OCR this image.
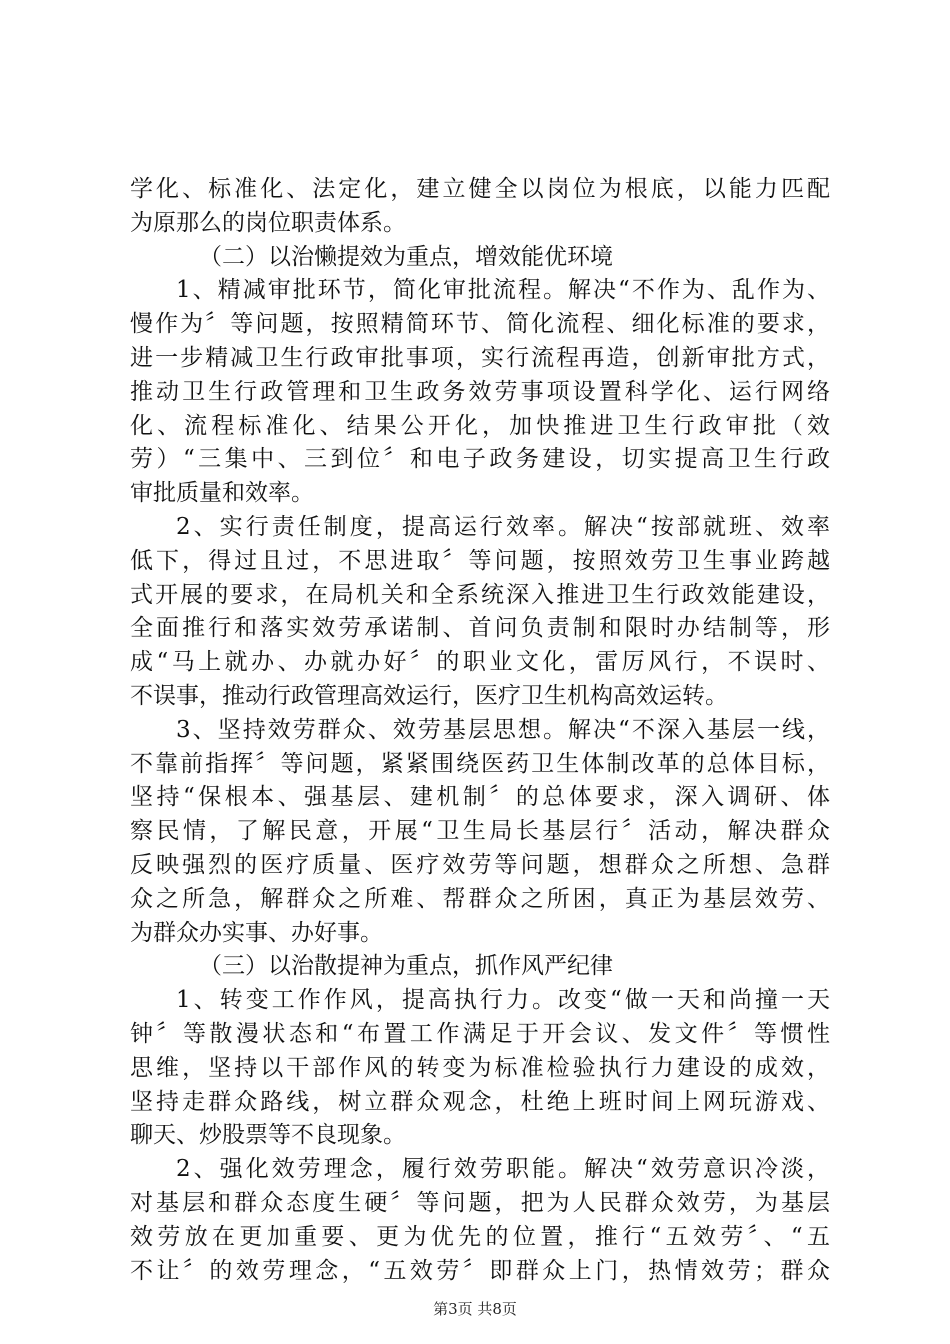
学化、标准化、法定化，建立健全以岗位为根底，以能力匹配

为原那么的岗位职责体系。

（二）以治懒提效为重点，增效能优环境

1、精减审批环节，简化审批流程。解决“不作为、乱作为、

慢作为〞等问题，按照精简环节、简化流程、细化标准的要求，

进一步精减卫生行政审批事项，实行流程再造，创新审批方式，

推动卫生行政管理和卫生政务效劳事项设置科学化、运行网络

化、流程标准化、结果公开化，加快推进卫生行政审批（效

劳）“三集中、三到位〞和电子政务建设，切实提高卫生行政

审批质量和效率。

2、实行责任制度，提高运行效率。解决“按部就班、效率

低下，得过且过，不思进取〞等问题，按照效劳卫生事业跨越

式开展的要求，在局机关和全系统深入推进卫生行政效能建设，

全面推行和落实效劳承诺制、首问负责制和限时办结制等，形

成“马上就办、办就办好〞的职业文化，雷厉风行，不误时、

不误事，推动行政管理高效运行，医疗卫生机构高效运转。

3、坚持效劳群众、效劳基层思想。解决“不深入基层一线，

不靠前指挥〞等问题，紧紧围绕医药卫生体制改革的总体目标，

坚持“保根本、强基层、建机制〞的总体要求，深入调研、体

察民情，了解民意，开展“卫生局长基层行〞活动，解决群众

反映强烈的医疗质量、医疗效劳等问题，想群众之所想、急群

众之所急，解群众之所难、帮群众之所困，真正为基层效劳、

为群众办实事、办好事。

（三）以治散提神为重点，抓作风严纪律

1、转变工作作风，提高执行力。改变“做一天和尚撞一天

钟〞等散漫状态和“布置工作满足于开会议、发文件〞等惯性

思维，坚持以干部作风的转变为标准检验执行力建设的成效，

坚持走群众路线，树立群众观念，杜绝上班时间上网玩游戏、

聊天、炒股票等不良现象。

2、强化效劳理念，履行效劳职能。解决“效劳意识冷淡，

对基层和群众态度生硬〞等问题，把为人民群众效劳，为基层

效劳放在更加重要、更为优先的位置，推行“五效劳〞、“五

不让〞的效劳理念，“五效劳〞即群众上门，热情效劳；群众

第3页 共8页
